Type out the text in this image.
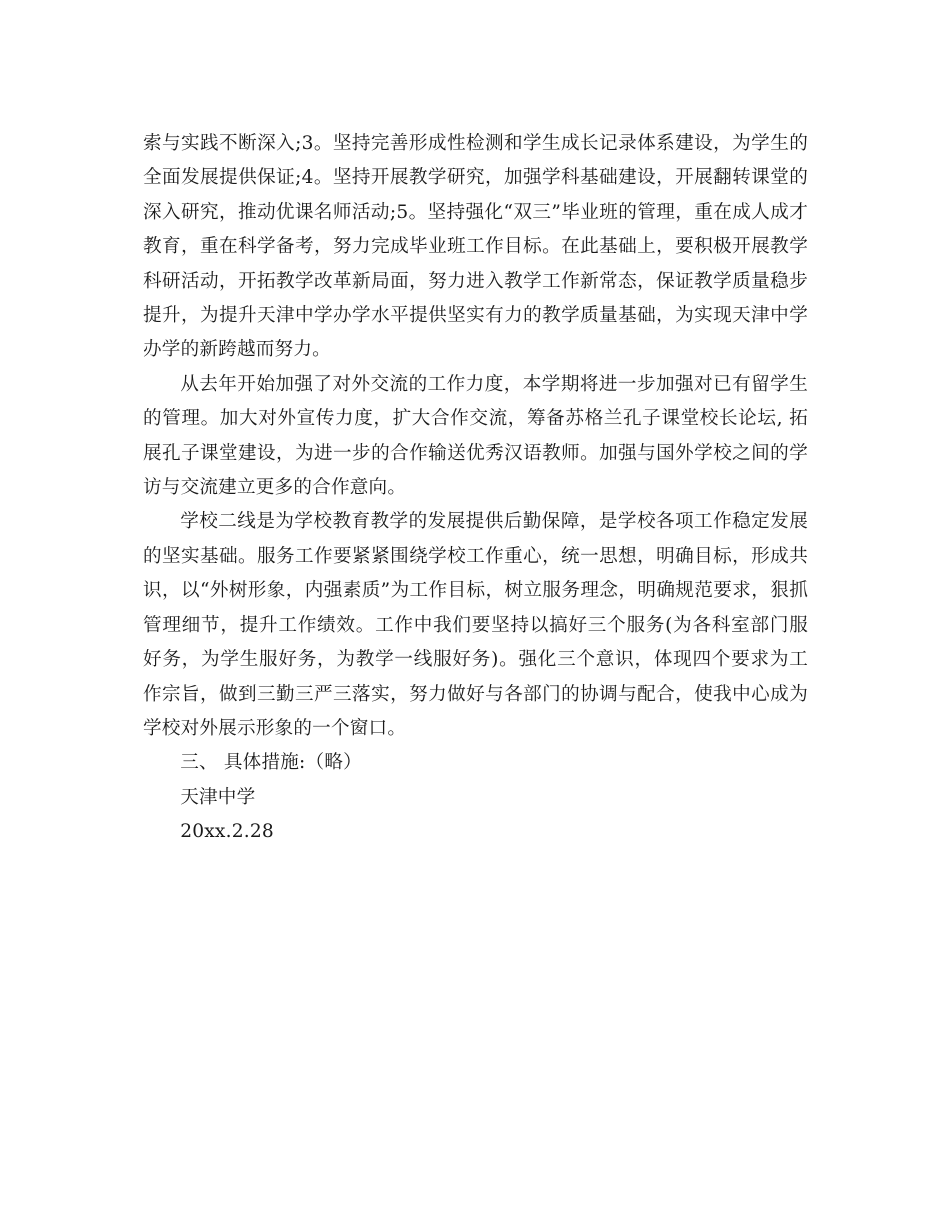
索与实践不断深入;3。坚持完善形成性检测和学生成长记录体系建设，为学生的全面发展提供保证;4。坚持开展教学研究，加强学科基础建设，开展翻转课堂的深入研究，推动优课名师活动;5。坚持强化“双三”毕业班的管理，重在成人成才教育，重在科学备考，努力完成毕业班工作目标。在此基础上，要积极开展教学科研活动，开拓教学改革新局面，努力进入教学工作新常态，保证教学质量稳步提升，为提升天津中学办学水平提供坚实有力的教学质量基础，为实现天津中学办学的新跨越而努力。

从去年开始加强了对外交流的工作力度，本学期将进一步加强对已有留学生的管理。加大对外宣传力度，扩大合作交流，筹备苏格兰孔子课堂校长论坛, 拓展孔子课堂建设，为进一步的合作输送优秀汉语教师。加强与国外学校之间的学访与交流建立更多的合作意向。

学校二线是为学校教育教学的发展提供后勤保障，是学校各项工作稳定发展的坚实基础。服务工作要紧紧围绕学校工作重心，统一思想，明确目标，形成共识，以“外树形象，内强素质”为工作目标，树立服务理念，明确规范要求，狠抓管理细节，提升工作绩效。工作中我们要坚持以搞好三个服务(为各科室部门服好务，为学生服好务，为教学一线服好务)。强化三个意识，体现四个要求为工作宗旨，做到三勤三严三落实，努力做好与各部门的协调与配合，使我中心成为学校对外展示形象的一个窗口。

三、 具体措施:（略）

天津中学

20xx.2.28
